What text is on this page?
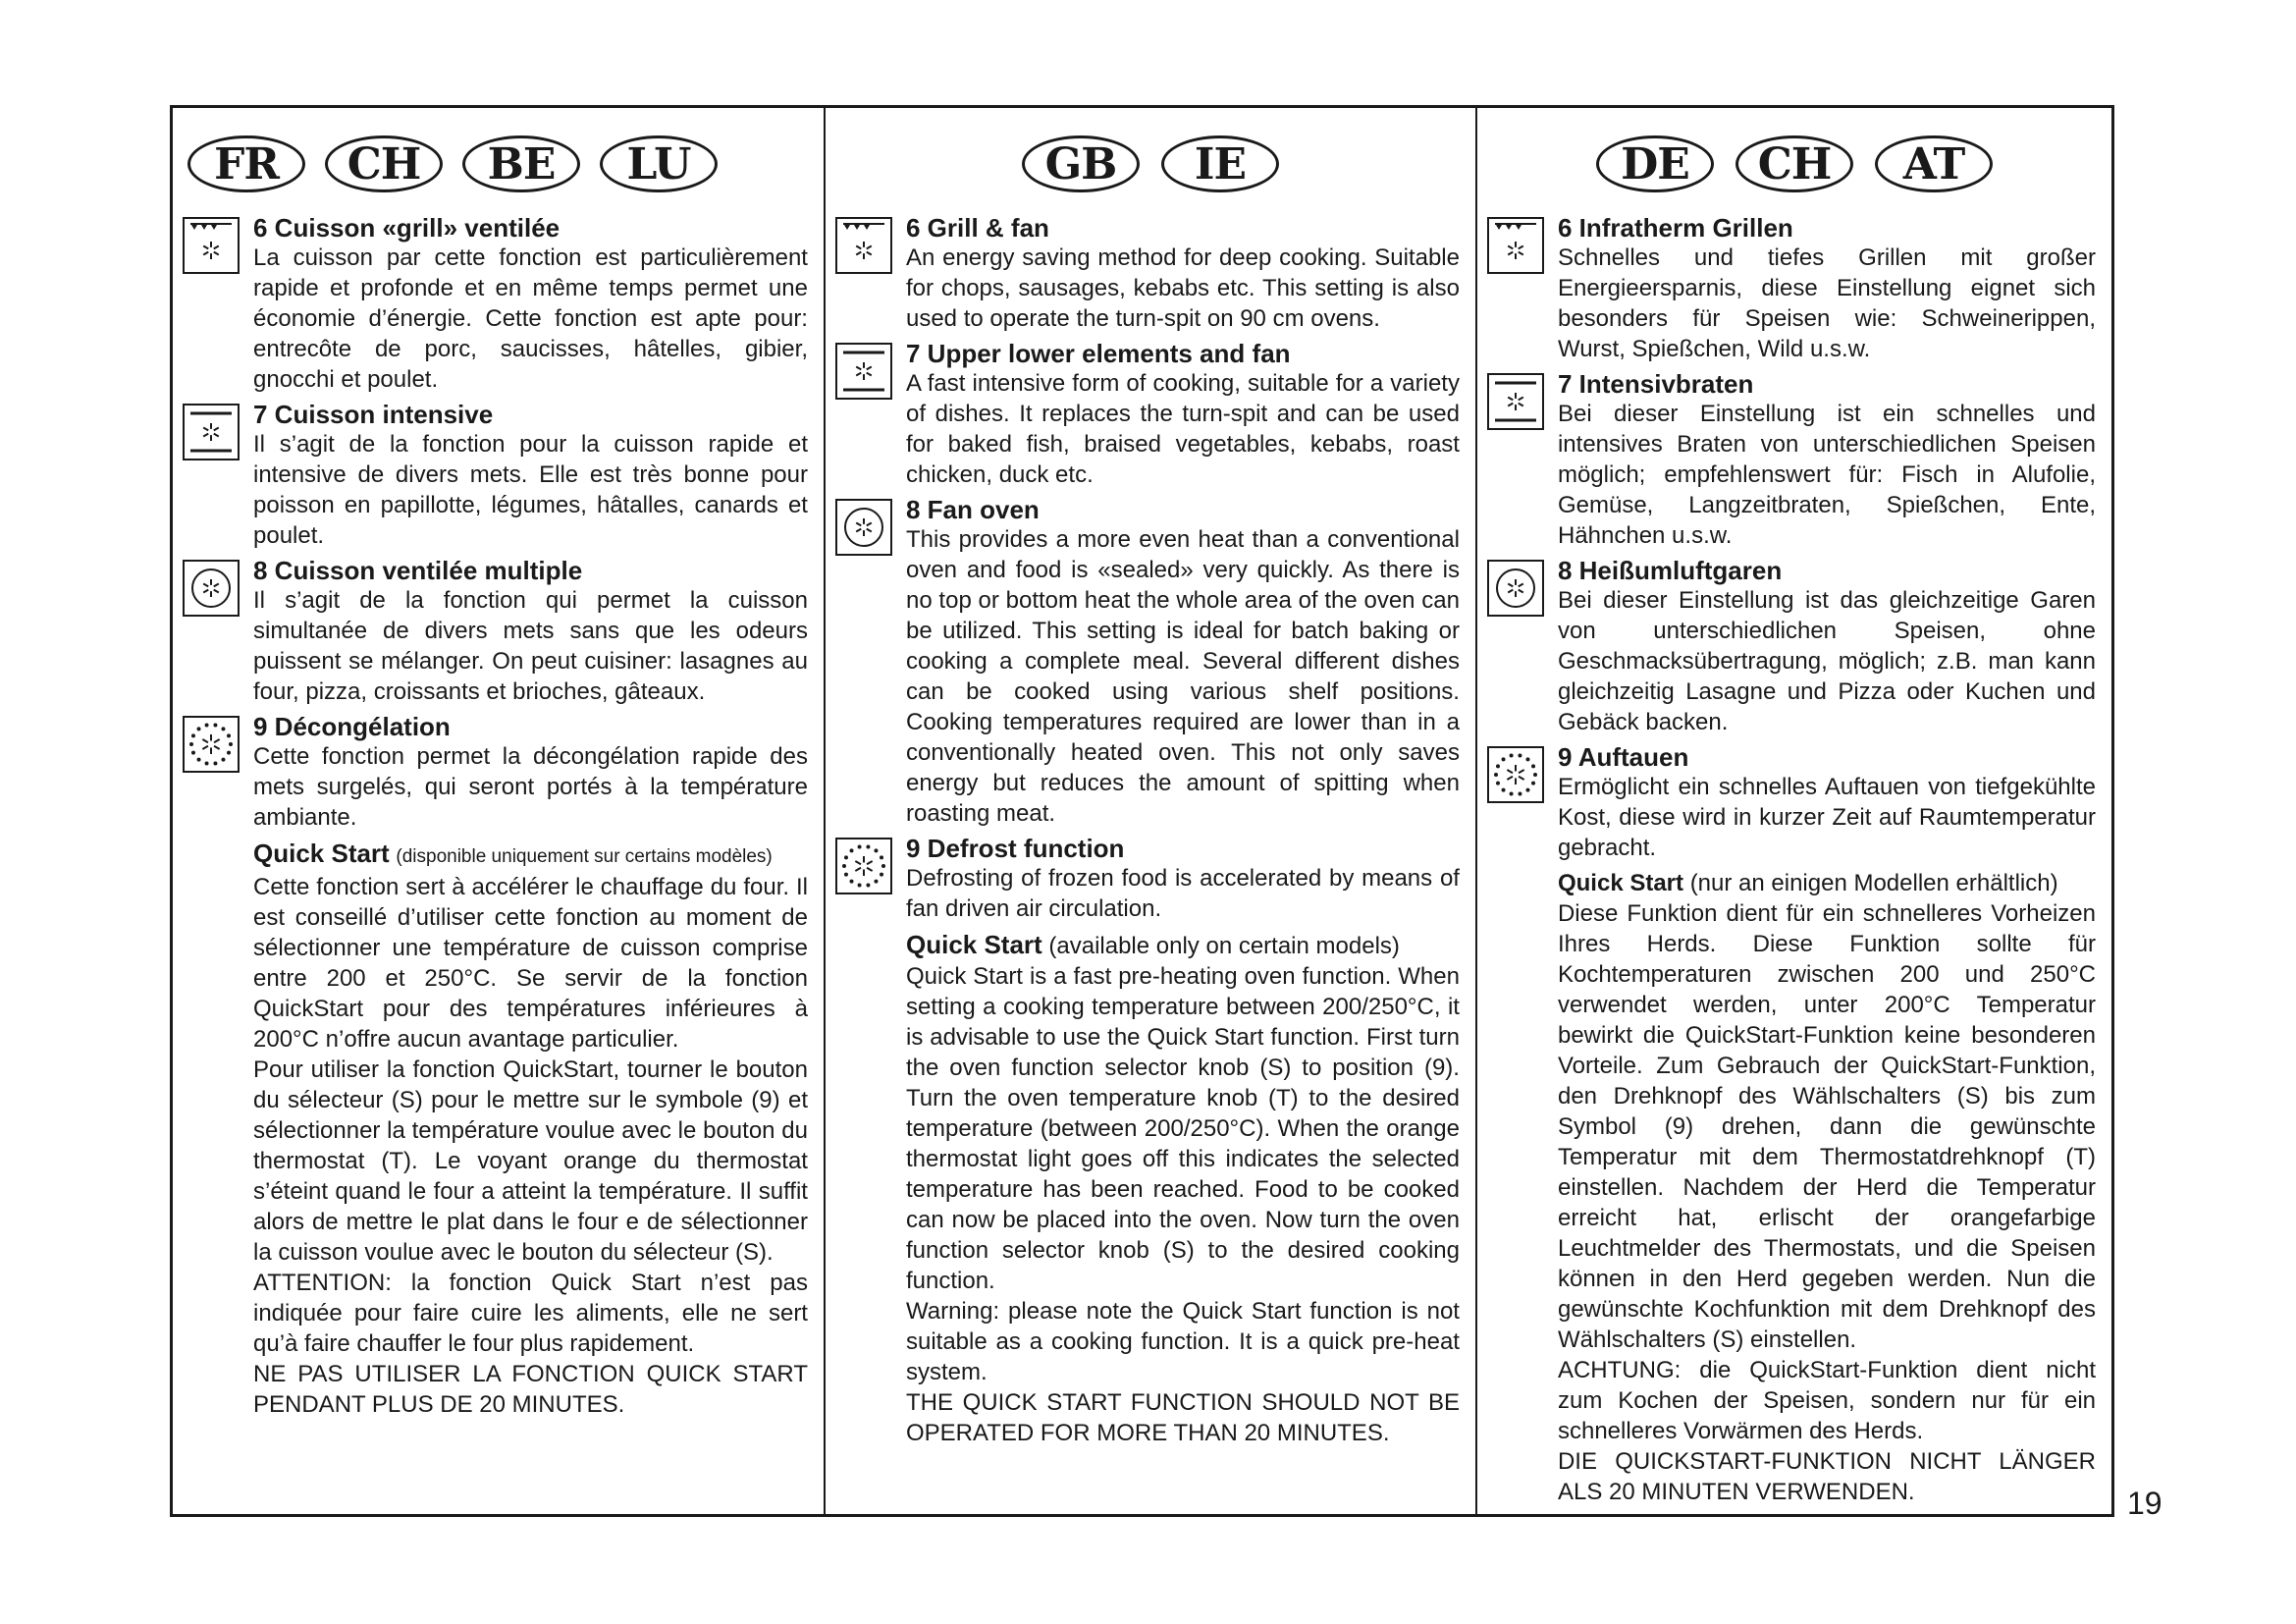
FR	CH	BE	LU
6 Cuisson «grill» ventilée
La cuisson par cette fonction est particulièrement rapide et profonde et en même temps permet une économie d’énergie. Cette fonction est apte pour: entrecôte de porc, saucisses, hâtelles, gibier, gnocchi et poulet.
7 Cuisson intensive
Il s’agit de la fonction pour la cuisson rapide et intensive de divers mets. Elle est très bonne pour poisson en papillotte, légumes, hâtalles, canards et poulet.
8 Cuisson ventilée multiple
Il s’agit de la fonction qui permet la cuisson simultanée de divers mets sans que les odeurs puissent se mélanger. On peut cuisiner: lasagnes au four, pizza, croissants et brioches, gâteaux.
9 Décongélation
Cette fonction permet la décongélation rapide des mets surgelés, qui seront portés à la température ambiante.
Quick Start (disponible uniquement sur certains modèles)
Cette fonction sert à accélérer le chauffage du four. Il est conseillé d’utiliser cette fonction au moment de sélectionner une température de cuisson comprise entre 200 et 250°C. Se servir de la fonction QuickStart pour des températures inférieures à 200°C n’offre aucun avantage particulier.
Pour utiliser la fonction QuickStart, tourner le bouton du sélecteur (S) pour le mettre sur le symbole (9) et sélectionner la température voulue avec le bouton du thermostat (T). Le voyant orange du thermostat s’éteint quand le four a atteint la température. Il suffit alors de mettre le plat dans le four e de sélectionner la cuisson voulue avec le bouton du sélecteur (S).
ATTENTION: la fonction Quick Start n’est pas indiquée pour faire cuire les aliments, elle ne sert qu’à faire chauffer le four plus rapidement.
NE PAS UTILISER LA FONCTION QUICK START PENDANT PLUS DE 20 MINUTES.
GB	IE
6 Grill & fan
An energy saving method for deep cooking. Suitable for chops, sausages, kebabs etc. This setting is also used to operate the turn-spit on 90 cm ovens.
7 Upper lower elements and fan
A fast intensive form of cooking, suitable for a variety of dishes. It replaces the turn-spit and can be used for baked fish, braised vegetables, kebabs, roast chicken, duck etc.
8 Fan oven
This provides a more even heat than a conventional oven and food is «sealed» very quickly. As there is no top or bottom heat the whole area of the oven can be utilized. This setting is ideal for batch baking or cooking a complete meal. Several different dishes can be cooked using various shelf positions. Cooking temperatures required are lower than in a conventionally heated oven. This not only saves energy but reduces the amount of spitting when roasting meat.
9 Defrost function
Defrosting of frozen food is accelerated by means of fan driven air circulation.
Quick Start (available only on certain models)
Quick Start is a fast pre-heating oven function. When setting a cooking temperature between 200/250°C, it is advisable to use the Quick Start function. First turn the oven function selector knob (S) to position (9). Turn the oven temperature knob (T) to the desired temperature (between 200/250°C). When the orange thermostat light goes off this indicates the selected temperature has been reached. Food to be cooked can now be placed into the oven. Now turn the oven function selector knob (S) to the desired cooking function.
Warning: please note the Quick Start function is not suitable as a cooking function. It is a quick pre-heat system.
THE QUICK START FUNCTION SHOULD NOT BE OPERATED FOR MORE THAN 20 MINUTES.
DE	CH	AT
6 Infratherm Grillen
Schnelles und tiefes Grillen mit großer Energieersparnis, diese Einstellung eignet sich besonders für Speisen wie: Schweinerippen, Wurst, Spießchen, Wild u.s.w.
7 Intensivbraten
Bei dieser Einstellung ist ein schnelles und intensives Braten von unterschiedlichen Speisen möglich; empfehlenswert für: Fisch in Alufolie, Gemüse, Langzeitbraten, Spießchen, Ente, Hähnchen u.s.w.
8 Heißumluftgaren
Bei dieser Einstellung ist das gleichzeitige Garen von unterschiedlichen Speisen, ohne Geschmacksübertragung, möglich; z.B. man kann gleichzeitig Lasagne und Pizza oder Kuchen und Gebäck backen.
9 Auftauen
Ermöglicht ein schnelles Auftauen von tiefgekühlte Kost, diese wird in kurzer Zeit auf Raumtemperatur gebracht.
Quick Start (nur an einigen Modellen erhältlich)
Diese Funktion dient für ein schnelleres Vorheizen Ihres Herds. Diese Funktion sollte für Kochtemperaturen zwischen 200 und 250°C verwendet werden, unter 200°C Temperatur bewirkt die QuickStart-Funktion keine besonderen Vorteile. Zum Gebrauch der QuickStart-Funktion, den Drehknopf des Wählschalters (S) bis zum Symbol (9) drehen, dann die gewünschte Temperatur mit dem Thermostatdrehknopf (T) einstellen. Nachdem der Herd die Temperatur erreicht hat, erlischt der orangefarbige Leuchtmelder des Thermostats, und die Speisen können in den Herd gegeben werden. Nun die gewünschte Kochfunktion mit dem Drehknopf des Wählschalters (S) einstellen.
ACHTUNG: die QuickStart-Funktion dient nicht zum Kochen der Speisen, sondern nur für ein schnelleres Vorwärmen des Herds.
DIE QUICKSTART-FUNKTION NICHT LÄNGER ALS 20 MINUTEN VERWENDEN.	19
